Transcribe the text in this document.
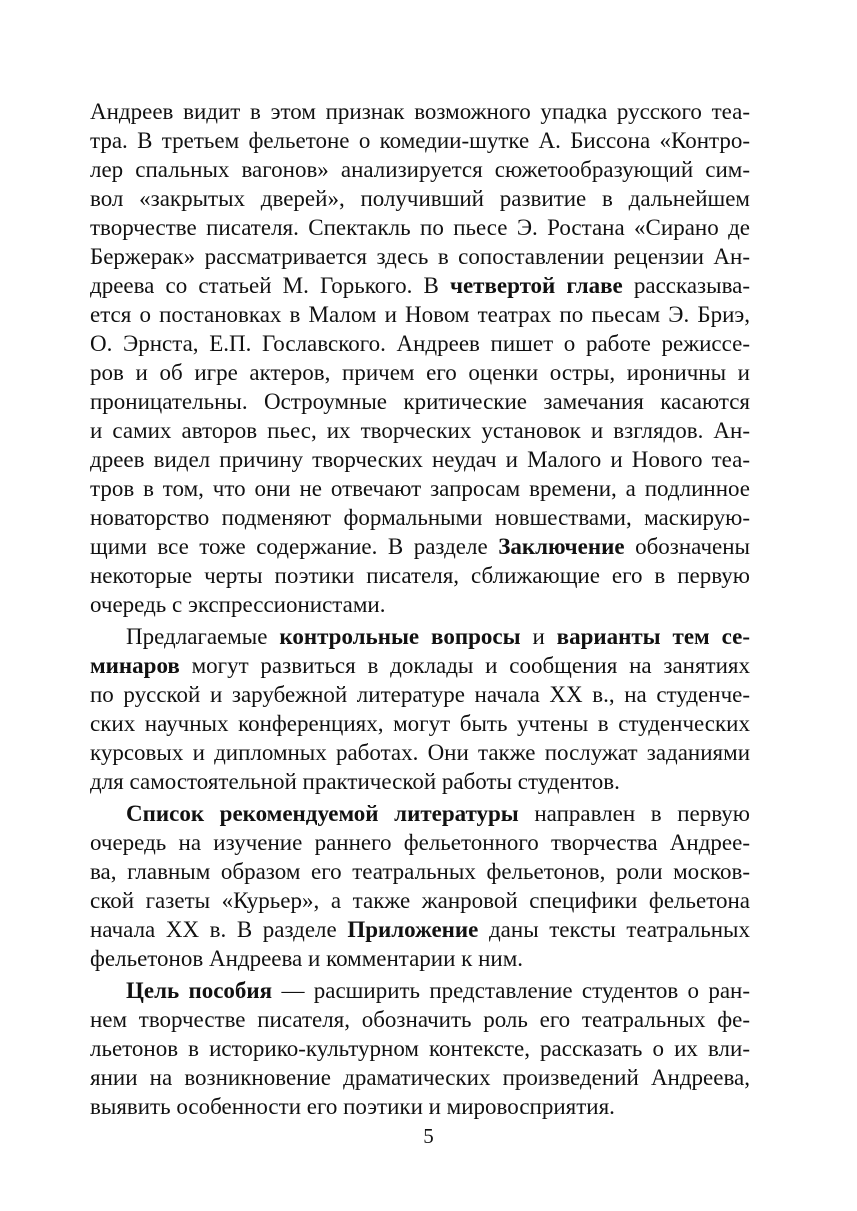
Андреев видит в этом признак возможного упадка русского теа-
тра. В третьем фельетоне о комедии-шутке А. Биссона «Контро-
лер спальных вагонов» анализируется сюжетообразующий сим-
вол «закрытых дверей», получивший развитие в дальнейшем
творчестве писателя. Спектакль по пьесе Э. Ростана «Сирано де
Бержерак» рассматривается здесь в сопоставлении рецензии Ан-
дреева со статьей М. Горького. В четвертой главе рассказыва-
ется о постановках в Малом и Новом театрах по пьесам Э. Бриэ,
О. Эрнста, Е.П. Гославского. Андреев пишет о работе режиссе-
ров и об игре актеров, причем его оценки остры, ироничны и
проницательны. Остроумные критические замечания касаются
и самих авторов пьес, их творческих установок и взглядов. Ан-
дреев видел причину творческих неудач и Малого и Нового теа-
тров в том, что они не отвечают запросам времени, а подлинное
новаторство подменяют формальными новшествами, маскирую-
щими все тоже содержание. В разделе Заключение обозначены
некоторые черты поэтики писателя, сближающие его в первую
очередь с экспрессионистами.
Предлагаемые контрольные вопросы и варианты тем се-
минаров могут развиться в доклады и сообщения на занятиях
по русской и зарубежной литературе начала XX в., на студенче-
ских научных конференциях, могут быть учтены в студенческих
курсовых и дипломных работах. Они также послужат заданиями
для самостоятельной практической работы студентов.
Список рекомендуемой литературы направлен в первую
очередь на изучение раннего фельетонного творчества Андрее-
ва, главным образом его театральных фельетонов, роли москов-
ской газеты «Курьер», а также жанровой специфики фельетона
начала XX в. В разделе Приложение даны тексты театральных
фельетонов Андреева и комментарии к ним.
Цель пособия — расширить представление студентов о ран-
нем творчестве писателя, обозначить роль его театральных фе-
льетонов в историко-культурном контексте, рассказать о их вли-
янии на возникновение драматических произведений Андреева,
выявить особенности его поэтики и мировосприятия.
5
